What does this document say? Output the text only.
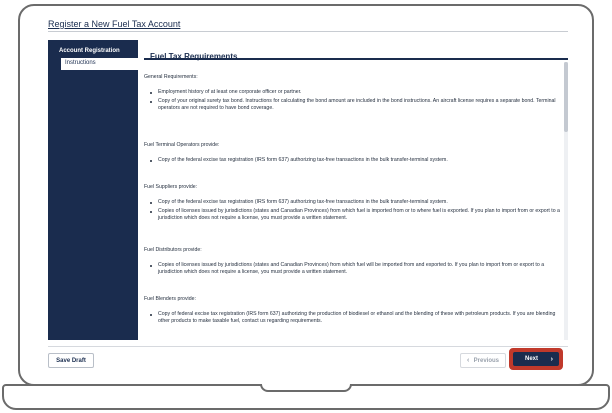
Register a New Fuel Tax Account
Account Registration
Instructions
Fuel Tax Requirements
General Requirements:
Employment history of at least one corporate officer or partner.
Copy of your original surety tax bond. Instructions for calculating the bond amount are included in the bond instructions. An aircraft license requires a separate bond. Terminal operators are not required to have bond coverage.
Fuel Terminal Operators provide:
Copy of the federal excise tax registration (IRS form 637) authorizing tax-free transactions in the bulk transfer-terminal system.
Fuel Suppliers provide:
Copy of the federal excise tax registration (IRS form 637) authorizing tax-free transactions in the bulk transfer-terminal system.
Copies of licenses issued by jurisdictions (states and Canadian Provinces) from which fuel is imported from or to where fuel is exported. If you plan to import from or export to a jurisdiction which does not require a license, you must provide a written statement.
Fuel Distributors provide:
Copies of licenses issued by jurisdictions (states and Canadian Provinces) from which fuel will be imported from and exported to. If you plan to import from or export to a jurisdiction which does not require a license, you must provide a written statement.
Fuel Blenders provide:
Copy of federal excise tax registration (IRS form 637) authorizing the production of biodiesel or ethanol and the blending of these with petroleum products. If you are blending other products to make taxable fuel, contact us regarding requirements.
Save Draft	‹ Previous	Next ›
